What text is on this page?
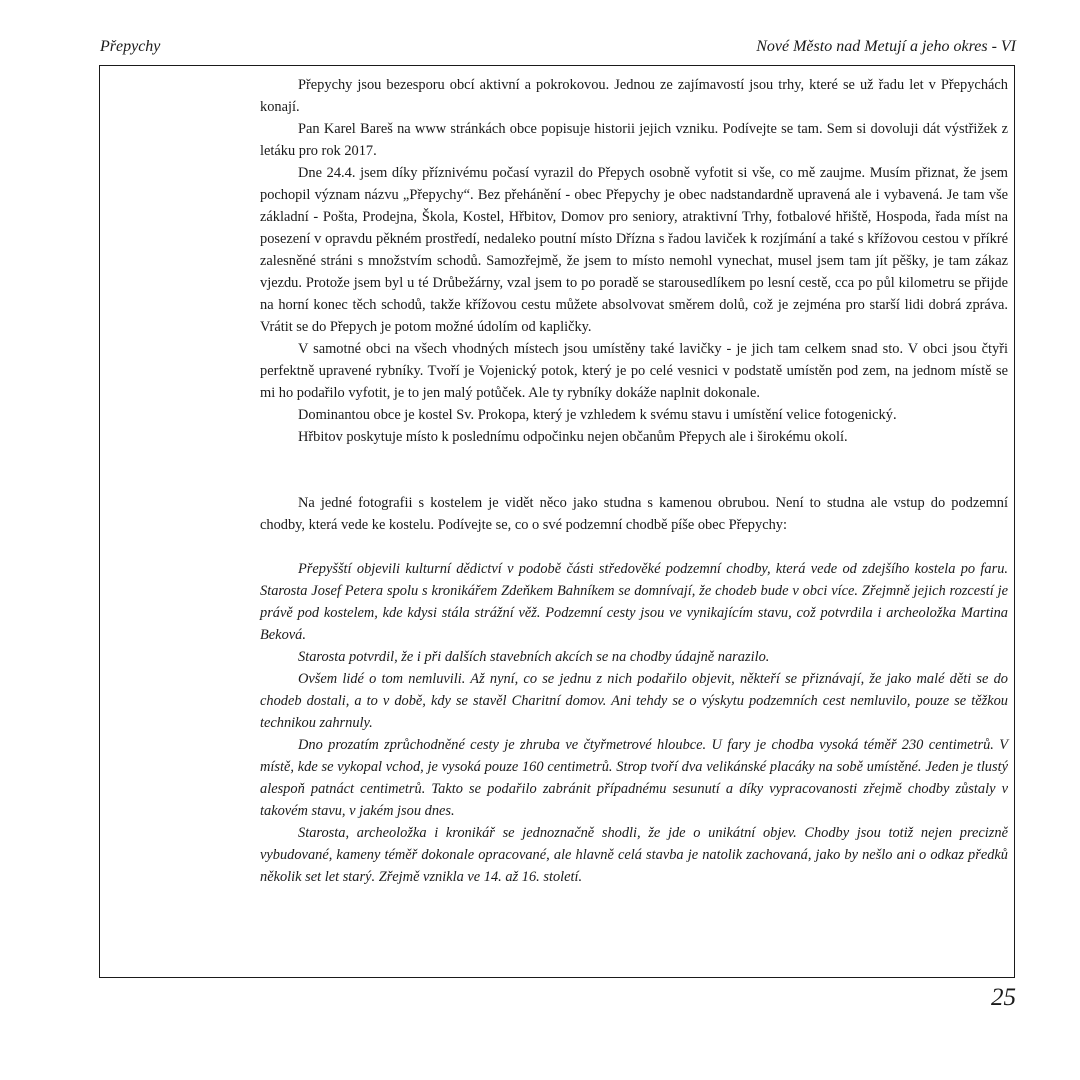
Přepychy	Nové Město nad Metují a jeho okres - VI

Přepychy jsou bezesporu obcí aktivní a pokrokovou. Jednou ze zajímavostí jsou trhy, které se už řadu let v Přepychách konají.

Pan Karel Bareš na www stránkách obce popisuje historii jejich vzniku. Podívejte se tam. Sem si dovoluji dát výstřižek z letáku pro rok 2017.

Dne 24.4. jsem díky příznivému počasí vyrazil do Přepych osobně vyfotit si vše, co mě zaujme. Musím přiznat, že jsem pochopil význam názvu „Přepychy“. Bez přehánění - obec Přepychy je obec nadstandardně upravená ale i vybavená. Je tam vše základní - Pošta, Prodejna, Škola, Kostel, Hřbitov, Domov pro seniory, atraktivní Trhy, fotbalové hřiště, Hospoda, řada míst na posezení v opravdu pěkném prostředí, nedaleko poutní místo Dřízna s řadou laviček k rozjímání a také s křížovou cestou v příkré zalesněné stráni s množstvím schodů. Samozřejmě, že jsem to místo nemohl vynechat, musel jsem tam jít pěšky, je tam zákaz vjezdu. Protože jsem byl u té Drůbežárny, vzal jsem to po poradě se starousedlíkem po lesní cestě, cca po půl kilometru se přijde na horní konec těch schodů, takže křížovou cestu můžete absolvovat směrem dolů, což je zejména pro starší lidi dobrá zpráva. Vrátit se do Přepych je potom možné údolím od kapličky.

V samotné obci na všech vhodných místech jsou umístěny také lavičky - je jich tam celkem snad sto. V obci jsou čtyři perfektně upravené rybníky. Tvoří je Vojenický potok, který je po celé vesnici v podstatě umístěn pod zem, na jednom místě se mi ho podařilo vyfotit, je to jen malý potůček. Ale ty rybníky dokáže naplnit dokonale.

Dominantou obce je kostel Sv. Prokopa, který je vzhledem k svému stavu i umístění velice fotogenický.

Hřbitov poskytuje místo k poslednímu odpočinku nejen občanům Přepych ale i širokému okolí.

Na jedné fotografii s kostelem je vidět něco jako studna s kamenou obrubou. Není to studna ale vstup do podzemní chodby, která vede ke kostelu. Podívejte se, co o své podzemní chodbě píše obec Přepychy:

Přepyšští objevili kulturní dědictví v podobě části středověké podzemní chodby, která vede od zdejšího kostela po faru. Starosta Josef Petera spolu s kronikářem Zdeňkem Bahníkem se domnívají, že chodeb bude v obci více. Zřejmně jejich rozcestí je právě pod kostelem, kde kdysi stála strážní věž. Podzemní cesty jsou ve vynikajícím stavu, což potvrdila i archeoložka Martina Beková.

Starosta potvrdil, že i při dalších stavebních akcích se na chodby údajně narazilo.

Ovšem lidé o tom nemluvili. Až nyní, co se jednu z nich podařilo objevit, někteří se přiznávají, že jako malé děti se do chodeb dostali, a to v době, kdy se stavěl Charitní domov. Ani tehdy se o výskytu podzemních cest nemluvilo, pouze se těžkou technikou zahrnuly.

Dno prozatím zprůchodněné cesty je zhruba ve čtyřmetrové hloubce. U fary je chodba vysoká téměř 230 centimetrů. V místě, kde se vykopal vchod, je vysoká pouze 160 centimetrů. Strop tvoří dva velikánské placáky na sobě umístěné. Jeden je tlustý alespoň patnáct centimetrů. Takto se podařilo zabránit případnému sesunutí a díky vypracovanosti zřejmě chodby zůstaly v takovém stavu, v jakém jsou dnes.

Starosta, archeoložka i kronikář se jednoznačně shodli, že jde o unikátní objev. Chodby jsou totiž nejen precizně vybudované, kameny téměř dokonale opracované, ale hlavně celá stavba je natolik zachovaná, jako by nešlo ani o odkaz předků několik set let starý. Zřejmě vznikla ve 14. až 16. století.

25
